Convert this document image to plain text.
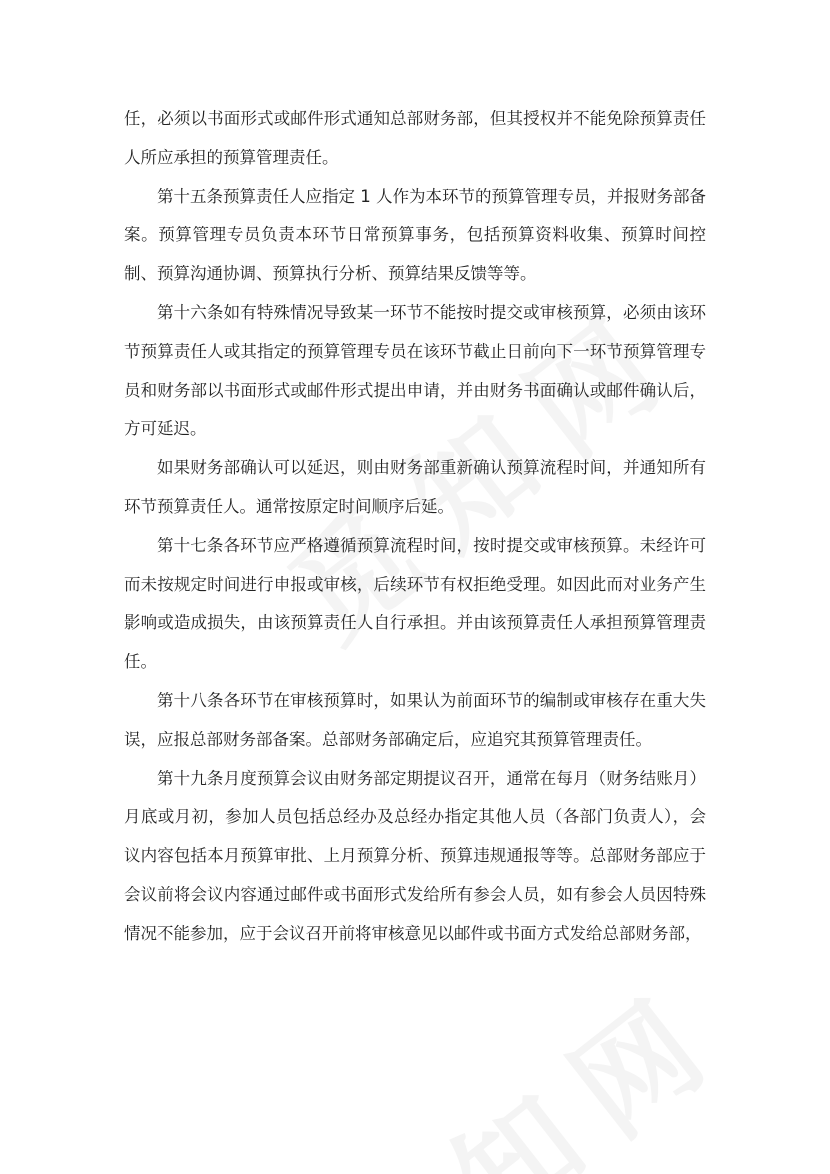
任，必须以书面形式或邮件形式通知总部财务部，但其授权并不能免除预算责任人所应承担的预算管理责任。

第十五条预算责任人应指定 1 人作为本环节的预算管理专员，并报财务部备案。预算管理专员负责本环节日常预算事务，包括预算资料收集、预算时间控制、预算沟通协调、预算执行分析、预算结果反馈等等。

第十六条如有特殊情况导致某一环节不能按时提交或审核预算，必须由该环节预算责任人或其指定的预算管理专员在该环节截止日前向下一环节预算管理专员和财务部以书面形式或邮件形式提出申请，并由财务书面确认或邮件确认后，方可延迟。

如果财务部确认可以延迟，则由财务部重新确认预算流程时间，并通知所有环节预算责任人。通常按原定时间顺序后延。

第十七条各环节应严格遵循预算流程时间，按时提交或审核预算。未经许可而未按规定时间进行申报或审核，后续环节有权拒绝受理。如因此而对业务产生影响或造成损失，由该预算责任人自行承担。并由该预算责任人承担预算管理责任。

第十八条各环节在审核预算时，如果认为前面环节的编制或审核存在重大失误，应报总部财务部备案。总部财务部确定后，应追究其预算管理责任。

第十九条月度预算会议由财务部定期提议召开，通常在每月（财务结账月）月底或月初，参加人员包括总经办及总经办指定其他人员（各部门负责人），会议内容包括本月预算审批、上月预算分析、预算违规通报等等。总部财务部应于会议前将会议内容通过邮件或书面形式发给所有参会人员，如有参会人员因特殊情况不能参加，应于会议召开前将审核意见以邮件或书面方式发给总部财务部，
